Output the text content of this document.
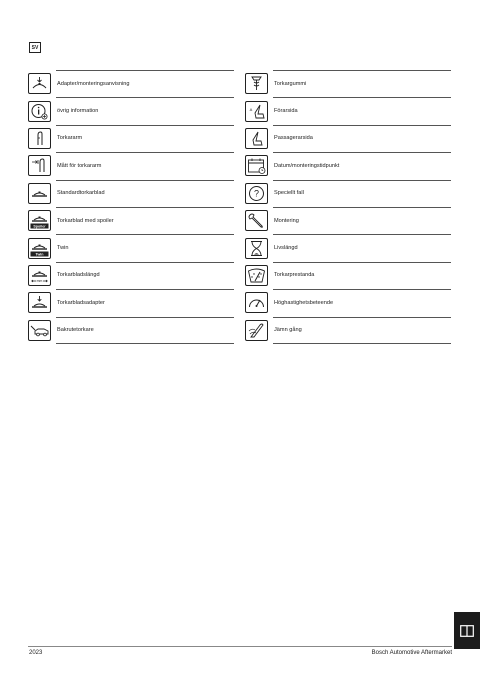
SV
Adapter/monteringsanvisning
övrig information
Torkararm
Mått för torkararm
Standardtorkarblad
Spoiler
Torkarblad med spoiler
Twin
Twin
mm
Torkarbladslängd
Torkarbladsadapter
Bakrutetorkare
Torkargummi
A	Förarsida
Passagerarsida
Datum/monteringstidpunkt
?	Speciellt fall
Montering
Livslängd
Torkarprestanda
Höghastighetsbeteende
Jämn gång
2023	Bosch Automotive Aftermarket
